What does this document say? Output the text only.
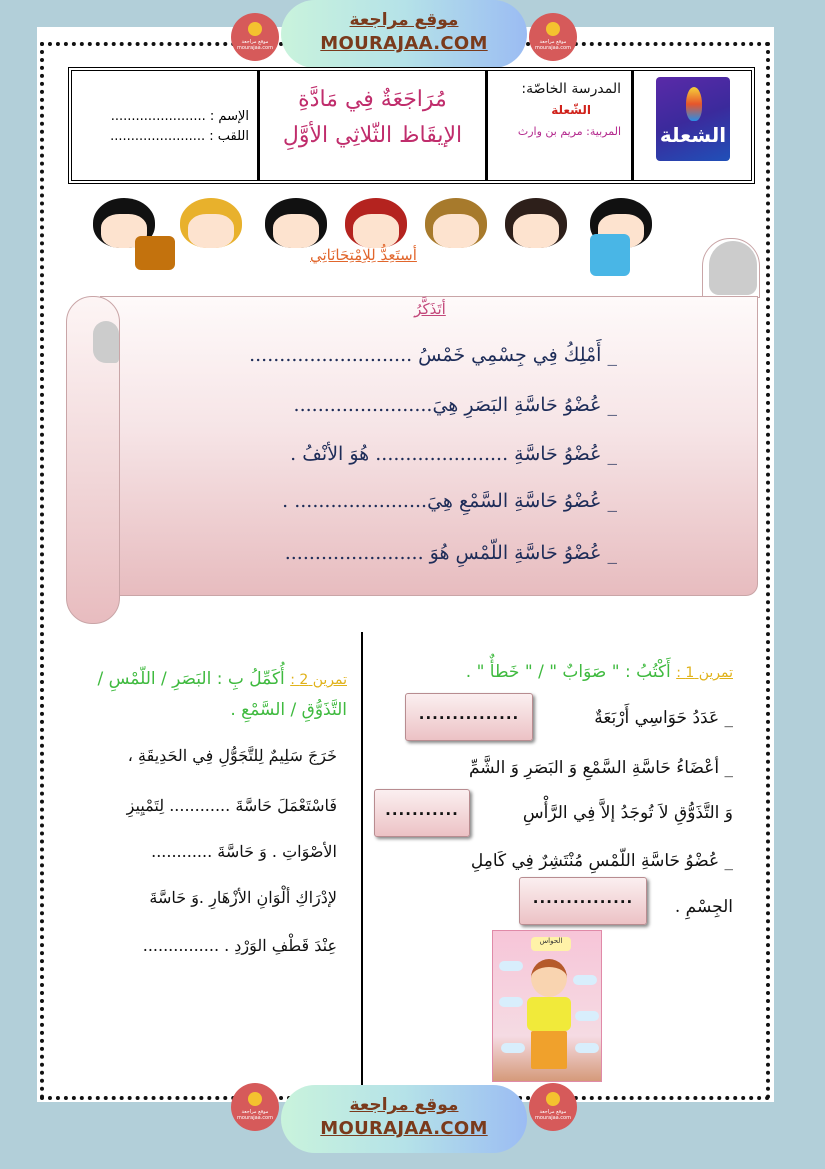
موقع مراجعة
mourajaa.com
موقع مراجعة
MOURAJAA.COM	موقع مراجعة
mourajaa.com
الإسم : .......................
اللقب : .......................
مُرَاجَعَةٌ فِي مَادَّةِ
الإيقَاظ الثّلاثِي الأوَّلِ
المدرسة الخاصّة:
الشّعلة
المربية: مريم بن وارث الشعلة
أستَعِدُّ لِلاِمْتِحَانَاتِي
أتَذَكَّرُ
_ أَمْلِكُ فِي جِسْمِي خَمْسُ ...........................
_ عُضْوُ حَاسَّةِ البَصَرِ هِيَ.......................
_ عُضْوُ حَاسَّةِ ...................... هُوَ الأنْفُ .
_ عُضْوُ حَاسَّةِ السَّمْعِ هِيَ...................... .
_ عُضْوُ حَاسَّةِ اللّمْسِ هُوَ .......................
تمرين 1 : أَكْتُبُ : " صَوَابٌ " / " خَطأٌ " .
_ عَدَدُ حَوَاسِي أَرْبَعَةٌ
_ أعْضَاءُ حَاسَّةِ السَّمْعِ وَ البَصَرِ وَ الشَّمِّ
وَ التَّذَوُّقِ لاَ تُوجَدُ إلاَّ فِي الرَّأْسِ
_ عُضْوُ حَاسَّةِ اللّمْسِ مُنْتَشِرٌ فِي كَامِلِ
الجِسْمِ .
...............
...........
...............
تمرين 2 : أُكَمِّلُ بِ : البَصَرِ / اللّمْسِ / التَّذَوُّقِ / السَّمْعِ .
خَرَجَ سَلِيمٌ لِلتَّجَوُّلِ فِي الحَدِيقَةِ ،
فَاسْتَعْمَلَ حَاسَّةَ ............ لِتَمْيِيزِ
الأصْوَاتِ . وَ حَاسَّةَ ............
لإدْرَاكِ ألْوَانِ الأزْهَارِ .وَ حَاسَّةَ
عِنْدَ قَطْفِ الوَرْدِ . ...............	الحواس
موقع مراجعة
mourajaa.com
موقع مراجعة
MOURAJAA.COM
موقع مراجعة
mourajaa.com
